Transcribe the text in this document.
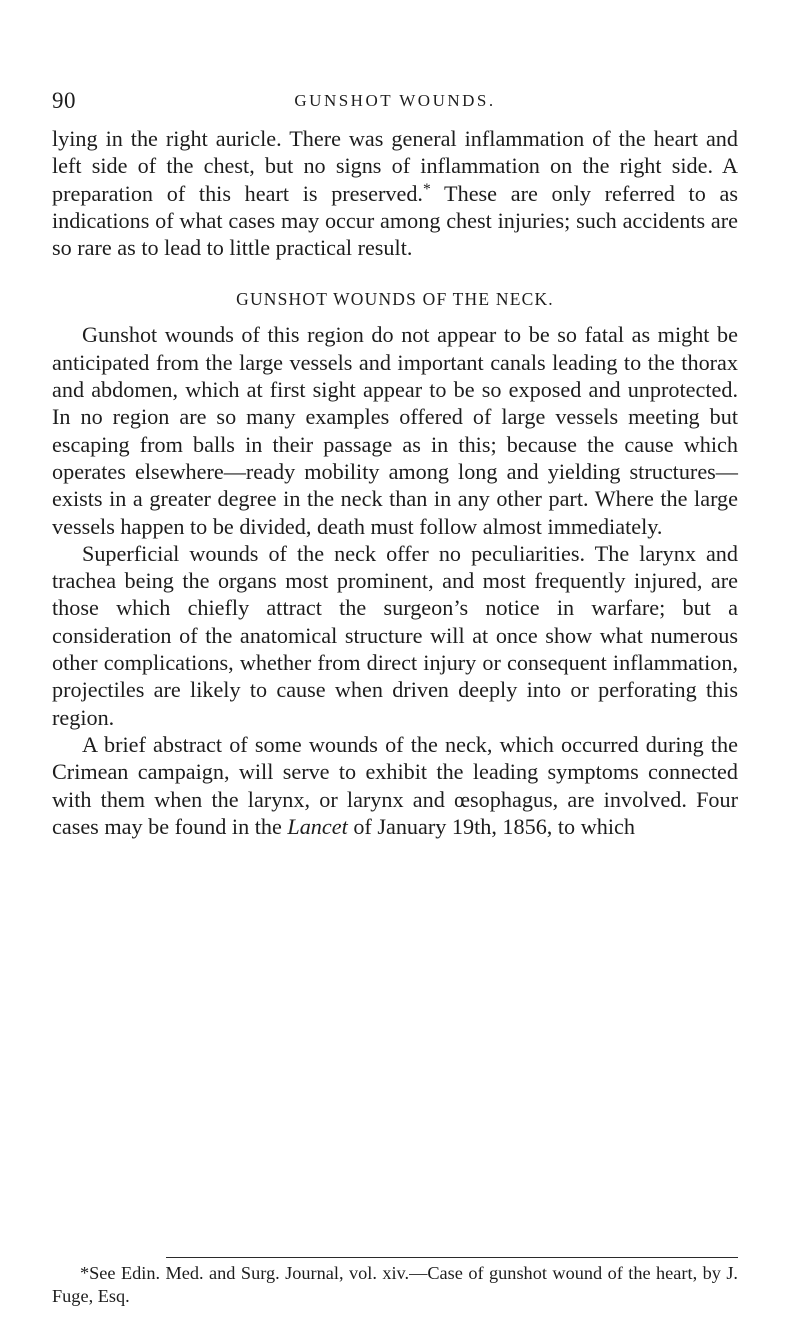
90	GUNSHOT WOUNDS.

lying in the right auricle. There was general inflammation of the heart and left side of the chest, but no signs of inflammation on the right side. A preparation of this heart is preserved.* These are only referred to as indications of what cases may occur among chest injuries; such accidents are so rare as to lead to little practical result.

GUNSHOT WOUNDS OF THE NECK.

Gunshot wounds of this region do not appear to be so fatal as might be anticipated from the large vessels and important canals leading to the thorax and abdomen, which at first sight appear to be so exposed and unprotected. In no region are so many examples offered of large vessels meeting but escaping from balls in their passage as in this; because the cause which operates elsewhere—ready mobility among long and yielding structures—exists in a greater degree in the neck than in any other part. Where the large vessels happen to be divided, death must follow almost immediately.

Superficial wounds of the neck offer no peculiarities. The larynx and trachea being the organs most prominent, and most frequently injured, are those which chiefly attract the surgeon’s notice in warfare; but a consideration of the anatomical structure will at once show what numerous other complications, whether from direct injury or consequent inflammation, projectiles are likely to cause when driven deeply into or perforating this region.

A brief abstract of some wounds of the neck, which occurred during the Crimean campaign, will serve to exhibit the leading symptoms connected with them when the larynx, or larynx and œsophagus, are involved. Four cases may be found in the Lancet of January 19th, 1856, to which

*See Edin. Med. and Surg. Journal, vol. xiv.—Case of gunshot wound of the heart, by J. Fuge, Esq.
